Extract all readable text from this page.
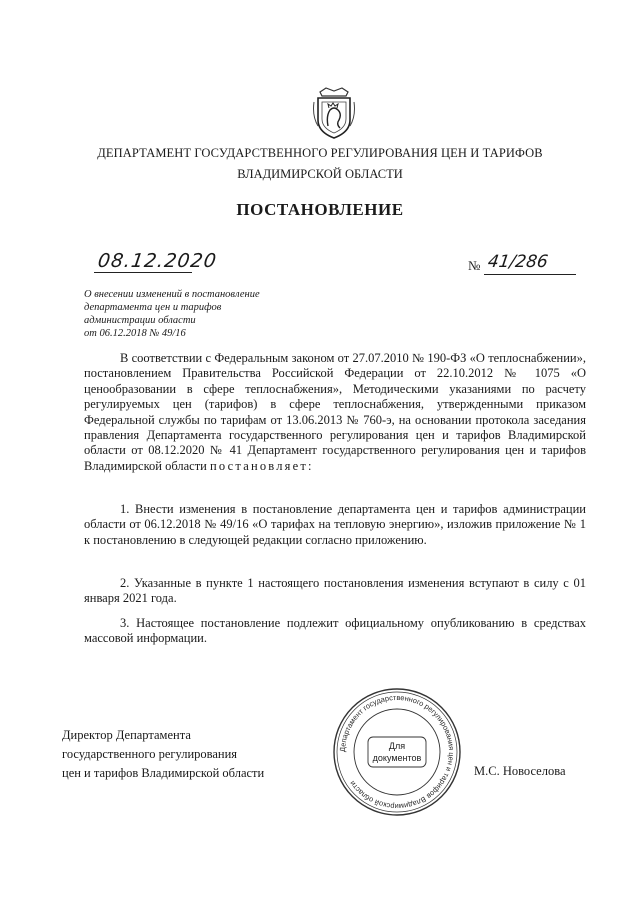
ДЕПАРТАМЕНТ ГОСУДАРСТВЕННОГО РЕГУЛИРОВАНИЯ ЦЕН И ТАРИФОВ
ВЛАДИМИРСКОЙ ОБЛАСТИ
ПОСТАНОВЛЕНИЕ
08.12.2020	№ 41/286
О внесении изменений в постановление
департамента цен и тарифов
администрации области
от 06.12.2018 № 49/16
В соответствии с Федеральным законом от 27.07.2010 № 190-ФЗ «О теплоснабжении», постановлением Правительства Российской Федерации от 22.10.2012 № 1075 «О ценообразовании в сфере теплоснабжения», Методическими указаниями по расчету регулируемых цен (тарифов) в сфере теплоснабжения, утвержденными приказом Федеральной службы по тарифам от 13.06.2013 № 760-э, на основании протокола заседания правления Департамента государственного регулирования цен и тарифов Владимирской области от 08.12.2020 № 41 Департамент государственного регулирования цен и тарифов Владимирской области постановляет:
1. Внести изменения в постановление департамента цен и тарифов администрации области от 06.12.2018 № 49/16 «О тарифах на тепловую энергию», изложив приложение № 1 к постановлению в следующей редакции согласно приложению.
2. Указанные в пункте 1 настоящего постановления изменения вступают в силу с 01 января 2021 года.
3. Настоящее постановление подлежит официальному опубликованию в средствах массовой информации.
Директор Департамента
государственного регулирования
цен и тарифов Владимирской области	М.С. Новоселова
Департамент государственного регулирования цен и тарифов Владимирской области
Для
документов
